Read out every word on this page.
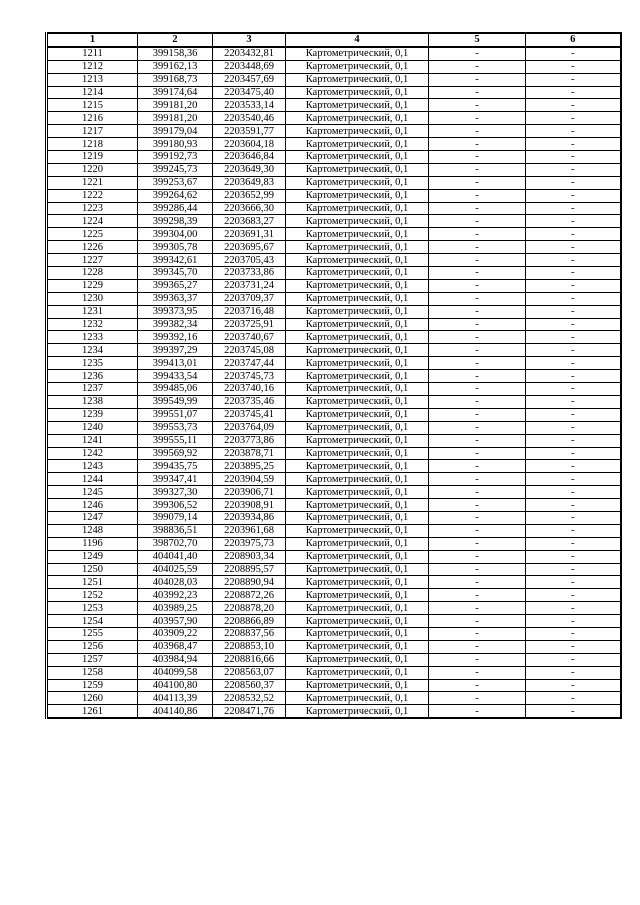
1	2	3	4	5	6
1211	399158,36	2203432,81	Картометрический, 0,1	-	-
1212	399162,13	2203448,69	Картометрический, 0,1	-	-
1213	399168,73	2203457,69	Картометрический, 0,1	-	-
1214	399174,64	2203475,40	Картометрический, 0,1	-	-
1215	399181,20	2203533,14	Картометрический, 0,1	-	-
1216	399181,20	2203540,46	Картометрический, 0,1	-	-
1217	399179,04	2203591,77	Картометрический, 0,1	-	-
1218	399180,93	2203604,18	Картометрический, 0,1	-	-
1219	399192,73	2203646,84	Картометрический, 0,1	-	-
1220	399245,73	2203649,30	Картометрический, 0,1	-	-
1221	399253,67	2203649,83	Картометрический, 0,1	-	-
1222	399264,62	2203652,99	Картометрический, 0,1	-	-
1223	399286,44	2203666,30	Картометрический, 0,1	-	-
1224	399298,39	2203683,27	Картометрический, 0,1	-	-
1225	399304,00	2203691,31	Картометрический, 0,1	-	-
1226	399305,78	2203695,67	Картометрический, 0,1	-	-
1227	399342,61	2203705,43	Картометрический, 0,1	-	-
1228	399345,70	2203733,86	Картометрический, 0,1	-	-
1229	399365,27	2203731,24	Картометрический, 0,1	-	-
1230	399363,37	2203709,37	Картометрический, 0,1	-	-
1231	399373,95	2203716,48	Картометрический, 0,1	-	-
1232	399382,34	2203725,91	Картометрический, 0,1	-	-
1233	399392,16	2203740,67	Картометрический, 0,1	-	-
1234	399397,29	2203745,08	Картометрический, 0,1	-	-
1235	399413,01	2203747,44	Картометрический, 0,1	-	-
1236	399433,54	2203745,73	Картометрический, 0,1	-	-
1237	399485,06	2203740,16	Картометрический, 0,1	-	-
1238	399549,99	2203735,46	Картометрический, 0,1	-	-
1239	399551,07	2203745,41	Картометрический, 0,1	-	-
1240	399553,73	2203764,09	Картометрический, 0,1	-	-
1241	399555,11	2203773,86	Картометрический, 0,1	-	-
1242	399569,92	2203878,71	Картометрический, 0,1	-	-
1243	399435,75	2203895,25	Картометрический, 0,1	-	-
1244	399347,41	2203904,59	Картометрический, 0,1	-	-
1245	399327,30	2203906,71	Картометрический, 0,1	-	-
1246	399306,52	2203908,91	Картометрический, 0,1	-	-
1247	399079,14	2203934,86	Картометрический, 0,1	-	-
1248	398836,51	2203961,68	Картометрический, 0,1	-	-
1196	398702,70	2203975,73	Картометрический, 0,1	-	-
1249	404041,40	2208903,34	Картометрический, 0,1	-	-
1250	404025,59	2208895,57	Картометрический, 0,1	-	-
1251	404028,03	2208890,94	Картометрический, 0,1	-	-
1252	403992,23	2208872,26	Картометрический, 0,1	-	-
1253	403989,25	2208878,20	Картометрический, 0,1	-	-
1254	403957,90	2208866,89	Картометрический, 0,1	-	-
1255	403909,22	2208837,56	Картометрический, 0,1	-	-
1256	403968,47	2208853,10	Картометрический, 0,1	-	-
1257	403984,94	2208816,66	Картометрический, 0,1	-	-
1258	404099,58	2208563,07	Картометрический, 0,1	-	-
1259	404100,80	2208560,37	Картометрический, 0,1	-	-
1260	404113,39	2208532,52	Картометрический, 0,1	-	-
1261	404140,86	2208471,76	Картометрический, 0,1	-	-
